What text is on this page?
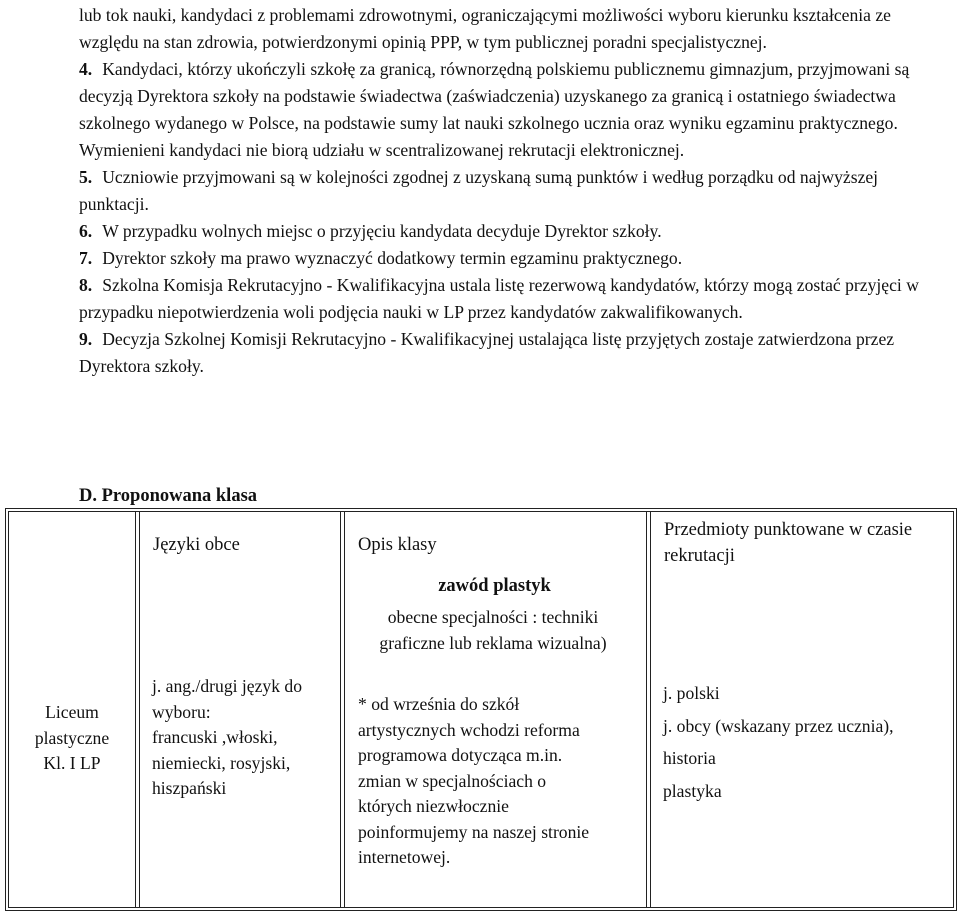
lub tok nauki, kandydaci z problemami zdrowotnymi, ograniczającymi możliwości wyboru kierunku kształcenia ze względu na stan zdrowia, potwierdzonymi opinią PPP, w tym publicznej poradni specjalistycznej.

4. Kandydaci, którzy ukończyli szkołę za granicą, równorzędną polskiemu publicznemu gimnazjum, przyjmowani są decyzją Dyrektora szkoły na podstawie świadectwa (zaświadczenia) uzyskanego za granicą i ostatniego świadectwa szkolnego wydanego w Polsce, na podstawie sumy lat nauki szkolnego ucznia oraz wyniku egzaminu praktycznego. Wymienieni kandydaci nie biorą udziału w scentralizowanej rekrutacji elektronicznej.

5. Uczniowie przyjmowani są w kolejności zgodnej z uzyskaną sumą punktów i według porządku od najwyższej punktacji.

6. W przypadku wolnych miejsc o przyjęciu kandydata decyduje Dyrektor szkoły.

7. Dyrektor szkoły ma prawo wyznaczyć dodatkowy termin egzaminu praktycznego.

8. Szkolna Komisja Rekrutacyjno - Kwalifikacyjna ustala listę rezerwową kandydatów, którzy mogą zostać przyjęci w przypadku niepotwierdzenia woli podjęcia nauki w LP przez kandydatów zakwalifikowanych.

9. Decyzja Szkolnej Komisji Rekrutacyjno - Kwalifikacyjnej ustalająca listę przyjętych zostaje zatwierdzona przez Dyrektora szkoły.

D. Proponowana klasa
Języki obce	Opis klasy
Przedmioty punktowane w czasie rekrutacji
zawód plastyk
obecne specjalności : techniki graficzne lub reklama wizualna)
Liceum
plastyczne
Kl. I LP
j. ang./drugi język do
wyboru:
francuski ,włoski,
niemiecki, rosyjski,
hiszpański
* od września do szkół
artystycznych wchodzi reforma
programowa dotycząca m.in.
zmian w specjalnościach o
których niezwłocznie
poinformujemy na naszej stronie
internetowej.
j. polski
j. obcy (wskazany przez ucznia),
historia
plastyka
